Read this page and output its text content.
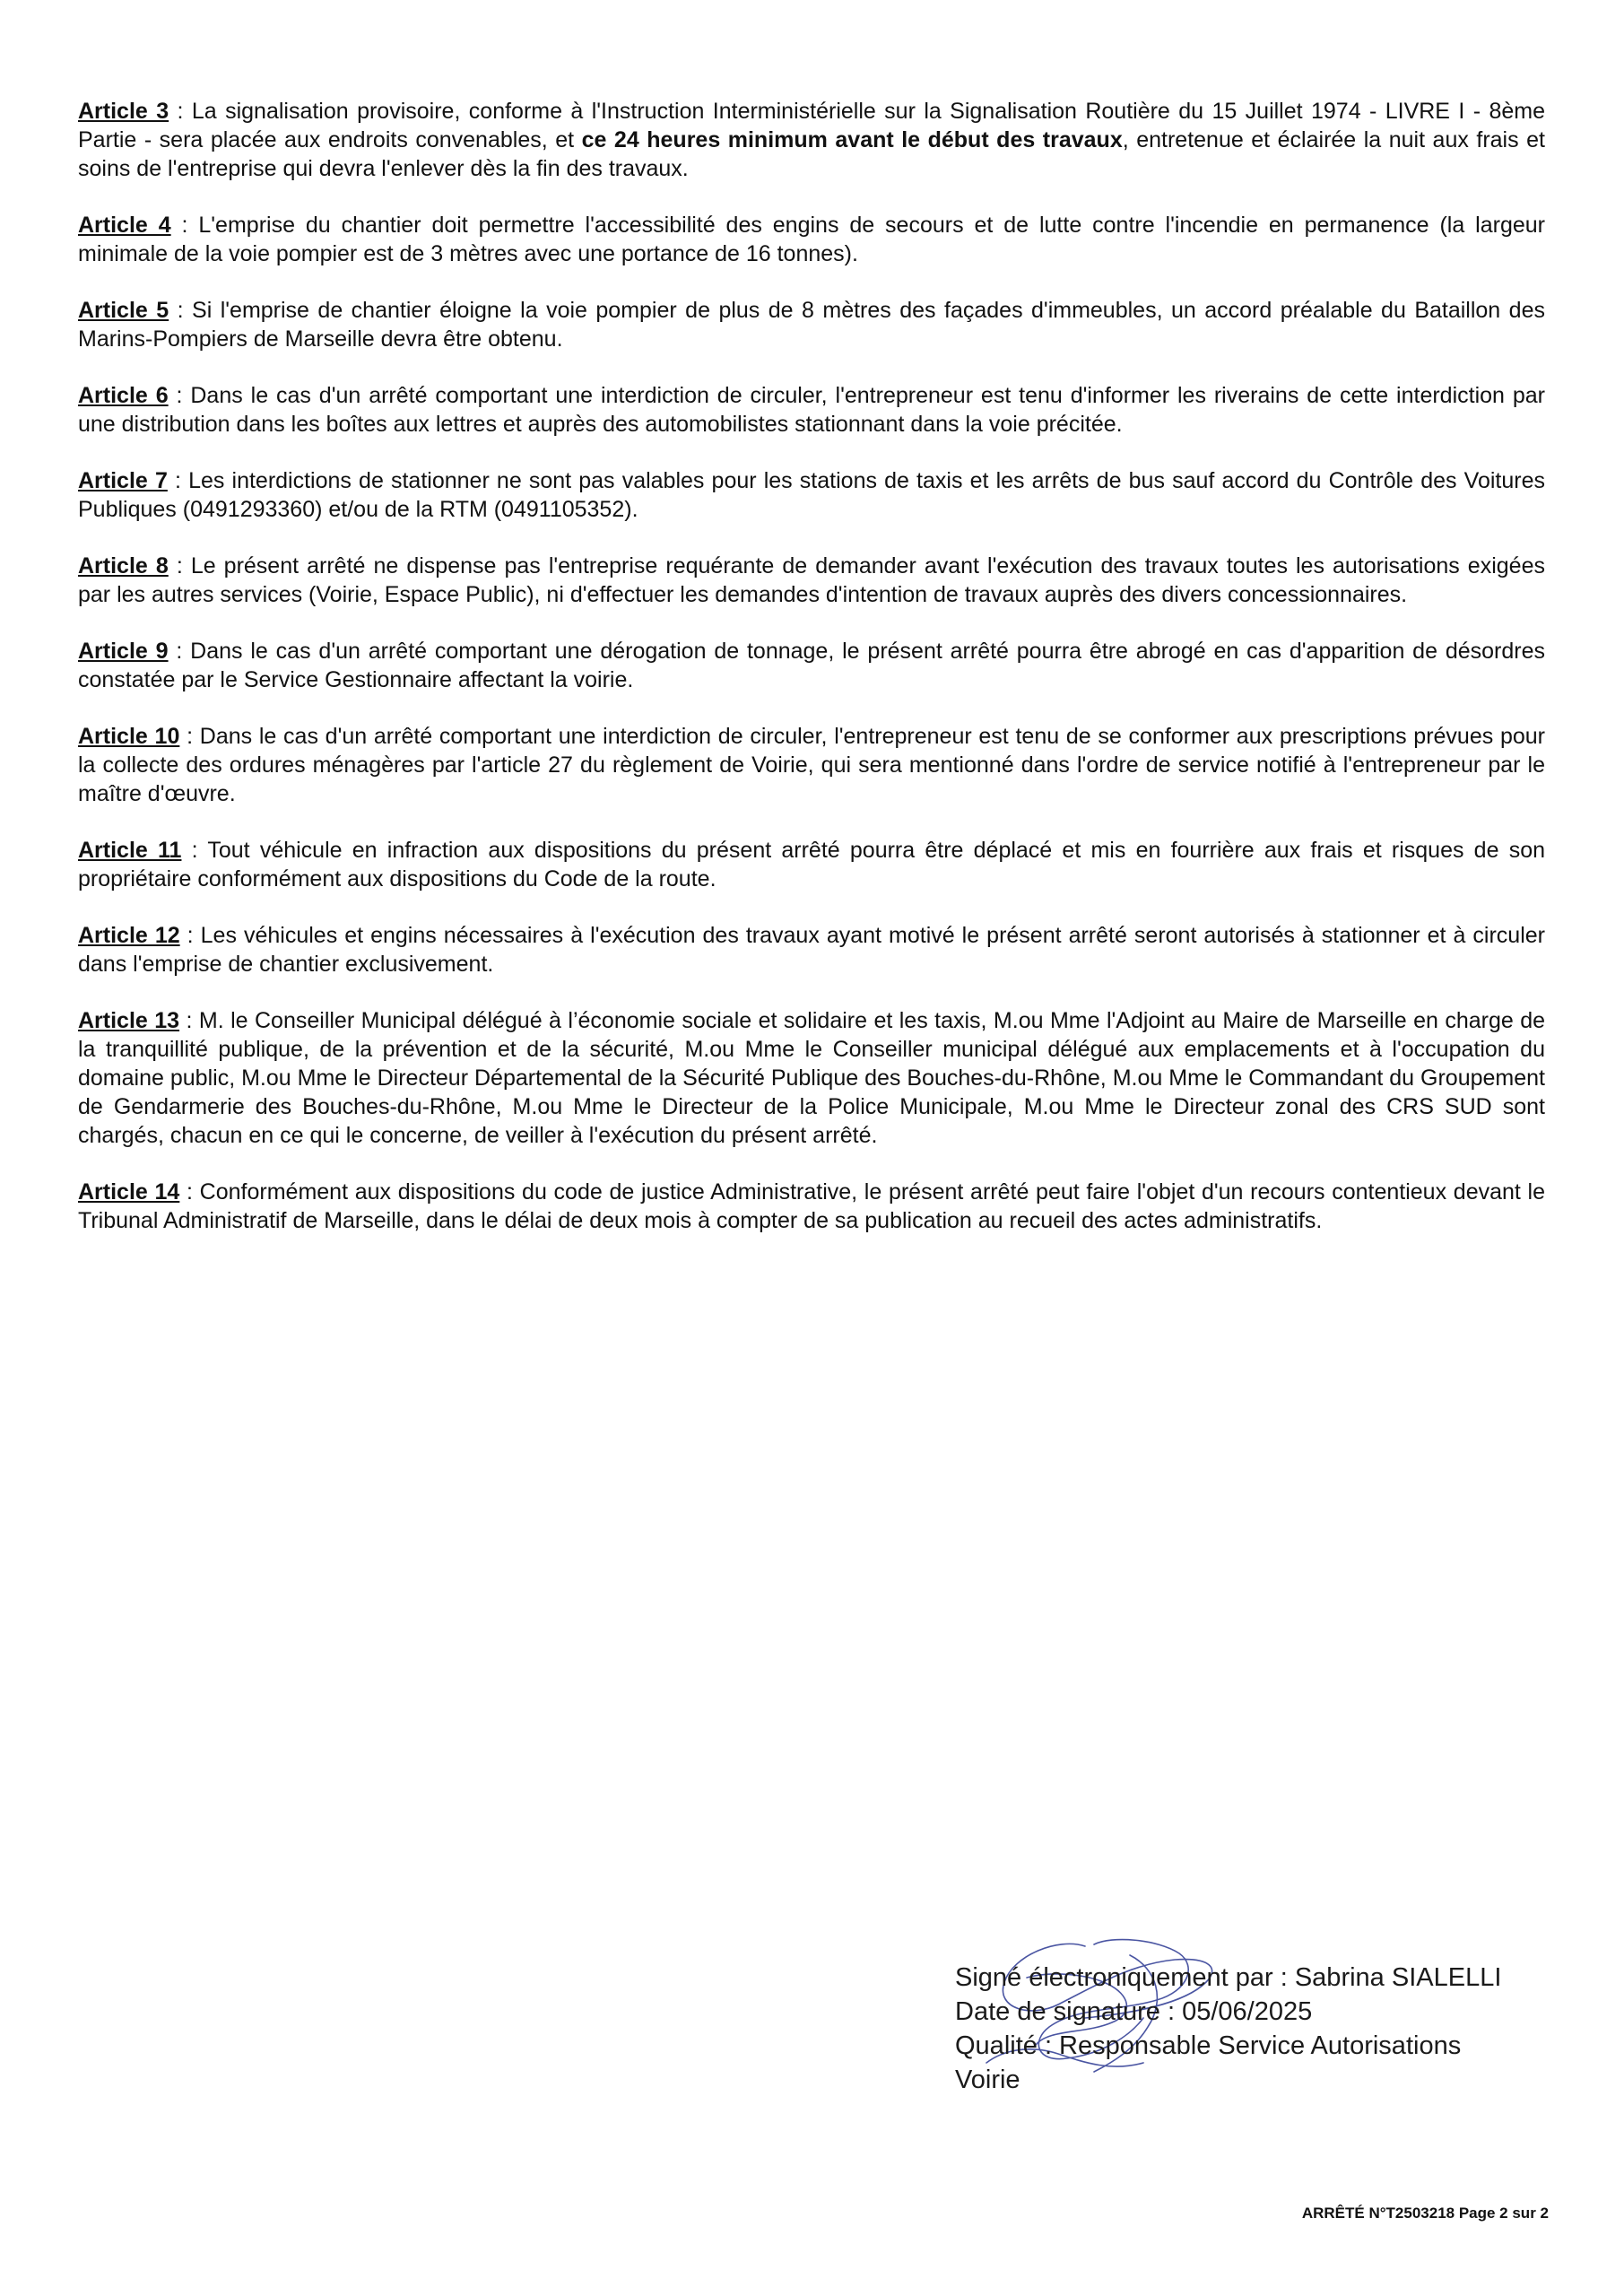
Article 3 : La signalisation provisoire, conforme à l'Instruction Interministérielle sur la Signalisation Routière du 15 Juillet 1974 - LIVRE I - 8ème Partie - sera placée aux endroits convenables, et ce 24 heures minimum avant le début des travaux, entretenue et éclairée la nuit aux frais et soins de l'entreprise qui devra l'enlever dès la fin des travaux.

Article 4 : L'emprise du chantier doit permettre l'accessibilité des engins de secours et de lutte contre l'incendie en permanence (la largeur minimale de la voie pompier est de 3 mètres avec une portance de 16 tonnes).

Article 5 : Si l'emprise de chantier éloigne la voie pompier de plus de 8 mètres des façades d'immeubles, un accord préalable du Bataillon des Marins-Pompiers de Marseille devra être obtenu.

Article 6 : Dans le cas d'un arrêté comportant une interdiction de circuler, l'entrepreneur est tenu d'informer les riverains de cette interdiction par une distribution dans les boîtes aux lettres et auprès des automobilistes stationnant dans la voie précitée.

Article 7 : Les interdictions de stationner ne sont pas valables pour les stations de taxis et les arrêts de bus sauf accord du Contrôle des Voitures Publiques (0491293360) et/ou de la RTM (0491105352).

Article 8 : Le présent arrêté ne dispense pas l'entreprise requérante de demander avant l'exécution des travaux toutes les autorisations exigées par les autres services (Voirie, Espace Public), ni d'effectuer les demandes d'intention de travaux auprès des divers concessionnaires.

Article 9 : Dans le cas d'un arrêté comportant une dérogation de tonnage, le présent arrêté pourra être abrogé en cas d'apparition de désordres constatée par le Service Gestionnaire affectant la voirie.

Article 10 : Dans le cas d'un arrêté comportant une interdiction de circuler, l'entrepreneur est tenu de se conformer aux prescriptions prévues pour la collecte des ordures ménagères par l'article 27 du règlement de Voirie, qui sera mentionné dans l'ordre de service notifié à l'entrepreneur par le maître d'œuvre.

Article 11 : Tout véhicule en infraction aux dispositions du présent arrêté pourra être déplacé et mis en fourrière aux frais et risques de son propriétaire conformément aux dispositions du Code de la route.

Article 12 : Les véhicules et engins nécessaires à l'exécution des travaux ayant motivé le présent arrêté seront autorisés à stationner et à circuler dans l'emprise de chantier exclusivement.

Article 13 : M. le Conseiller Municipal délégué à l’économie sociale et solidaire et les taxis, M.ou Mme l'Adjoint au Maire de Marseille en charge de la tranquillité publique, de la prévention et de la sécurité, M.ou Mme le Conseiller municipal délégué aux emplacements et à l'occupation du domaine public, M.ou Mme le Directeur Départemental de la Sécurité Publique des Bouches-du-Rhône, M.ou Mme le Commandant du Groupement de Gendarmerie des Bouches-du-Rhône, M.ou Mme le Directeur de la Police Municipale, M.ou Mme le Directeur zonal des CRS SUD sont chargés, chacun en ce qui le concerne, de veiller à l'exécution du présent arrêté.

Article 14 : Conformément aux dispositions du code de justice Administrative, le présent arrêté peut faire l'objet d'un recours contentieux devant le Tribunal Administratif de Marseille, dans le délai de deux mois à compter de sa publication au recueil des actes administratifs.

Signé électroniquement par : Sabrina SIALELLI
Date de signature : 05/06/2025
Qualité : Responsable Service Autorisations
Voirie
ARRÊTÉ N°T2503218 Page 2 sur 2
